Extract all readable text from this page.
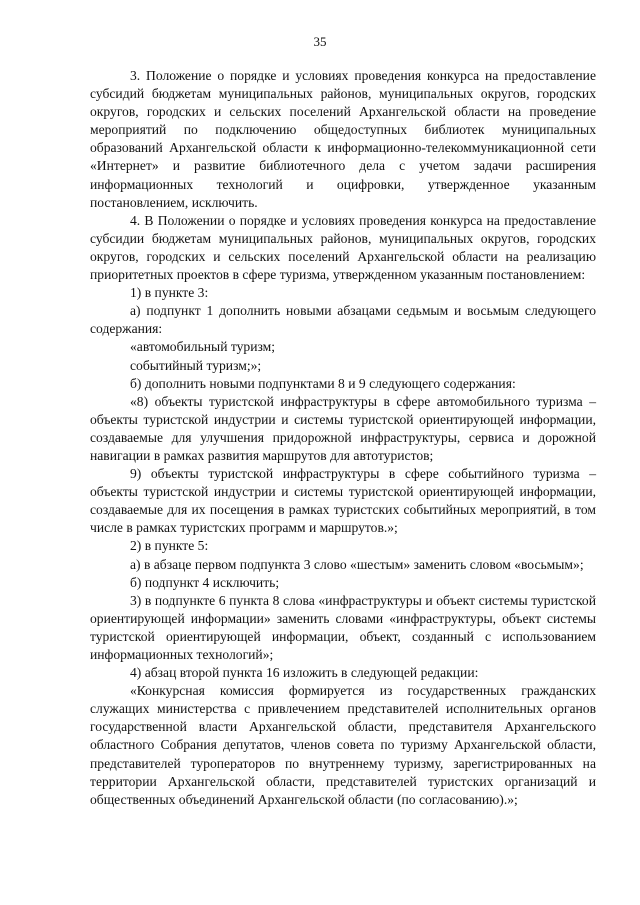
35

3. Положение о порядке и условиях проведения конкурса на предоставление субсидий бюджетам муниципальных районов, муниципальных округов, городских округов, городских и сельских поселений Архангельской области на проведение мероприятий по подключению общедоступных библиотек муниципальных образований Архангельской области к информационно-телекоммуникационной сети «Интернет» и развитие библиотечного дела с учетом задачи расширения информационных технологий и оцифровки, утвержденное указанным постановлением, исключить.

4. В Положении о порядке и условиях проведения конкурса на предоставление субсидии бюджетам муниципальных районов, муниципальных округов, городских округов, городских и сельских поселений Архангельской области на реализацию приоритетных проектов в сфере туризма, утвержденном указанным постановлением:

1) в пункте 3:

а) подпункт 1 дополнить новыми абзацами седьмым и восьмым следующего содержания:

«автомобильный туризм;

событийный туризм;»;

б) дополнить новыми подпунктами 8 и 9 следующего содержания:

«8) объекты туристской инфраструктуры в сфере автомобильного туризма – объекты туристской индустрии и системы туристской ориентирующей информации, создаваемые для улучшения придорожной инфраструктуры, сервиса и дорожной навигации в рамках развития маршрутов для автотуристов;

9) объекты туристской инфраструктуры в сфере событийного туризма – объекты туристской индустрии и системы туристской ориентирующей информации, создаваемые для их посещения в рамках туристских событийных мероприятий, в том числе в рамках туристских программ и маршрутов.»;

2) в пункте 5:

а) в абзаце первом подпункта 3 слово «шестым» заменить словом «восьмым»;

б) подпункт 4 исключить;

3) в подпункте 6 пункта 8 слова «инфраструктуры и объект системы туристской ориентирующей информации» заменить словами «инфраструктуры, объект системы туристской ориентирующей информации, объект, созданный с использованием информационных технологий»;

4) абзац второй пункта 16 изложить в следующей редакции:

«Конкурсная комиссия формируется из государственных гражданских служащих министерства с привлечением представителей исполнительных органов государственной власти Архангельской области, представителя Архангельского областного Собрания депутатов, членов совета по туризму Архангельской области, представителей туроператоров по внутреннему туризму, зарегистрированных на территории Архангельской области, представителей туристских организаций и общественных объединений Архангельской области (по согласованию).»;
